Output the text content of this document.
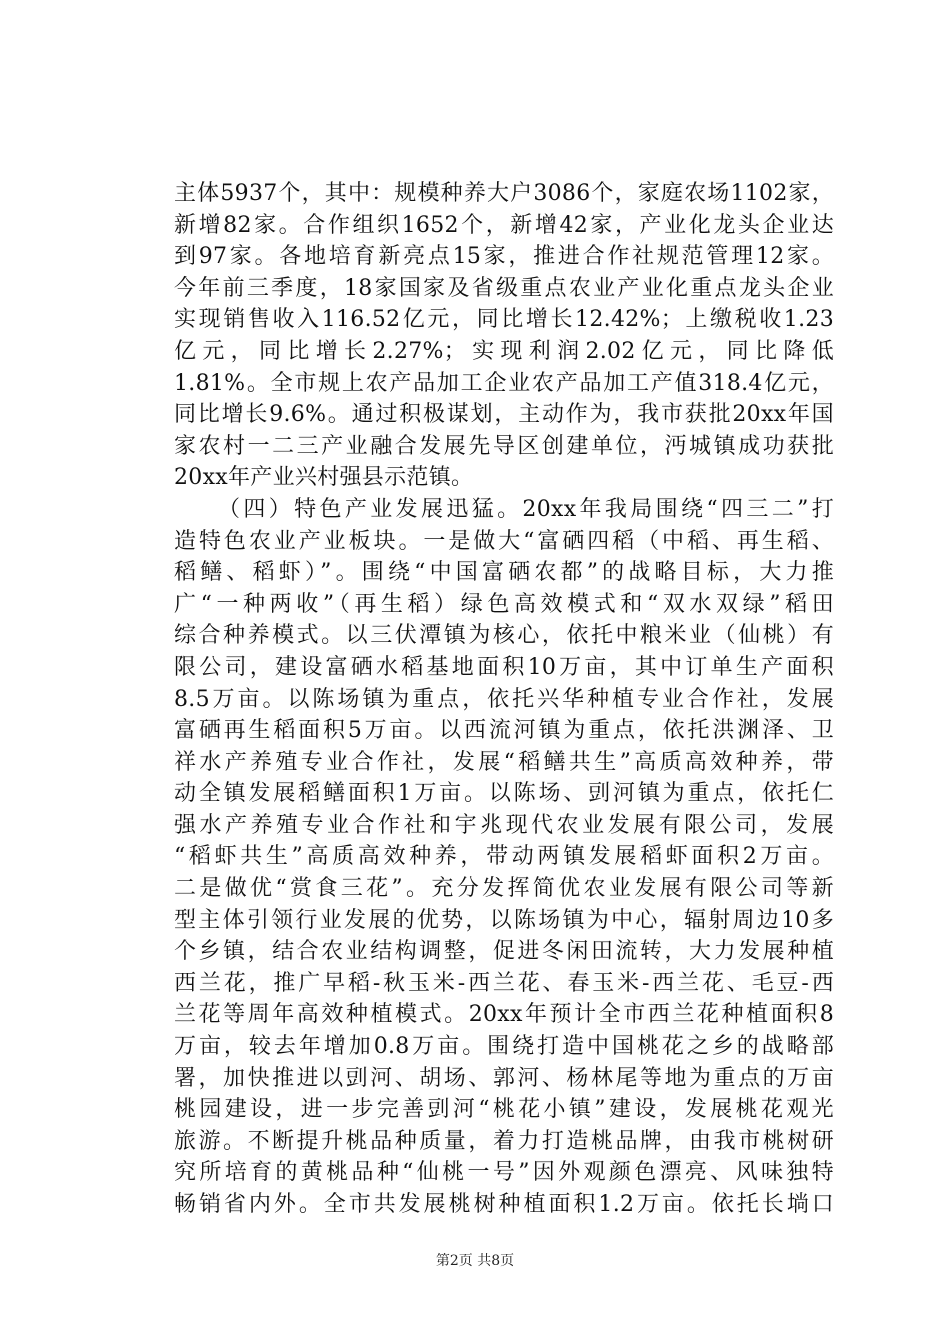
主体5937个，其中：规模种养大户3086个，家庭农场1102家，
新增82家。合作组织1652个，新增42家，产业化龙头企业达
到97家。各地培育新亮点15家，推进合作社规范管理12家。
今年前三季度，18家国家及省级重点农业产业化重点龙头企业
实现销售收入116.52亿元，同比增长12.42%；上缴税收1.23
亿元，同比增长2.27%；实现利润2.02亿元，同比降低
1.81%。全市规上农产品加工企业农产品加工产值318.4亿元，
同比增长9.6%。通过积极谋划，主动作为，我市获批20xx年国
家农村一二三产业融合发展先导区创建单位，沔城镇成功获批
20xx年产业兴村强县示范镇。
（四）特色产业发展迅猛。20xx年我局围绕“四三二”打
造特色农业产业板块。一是做大“富硒四稻（中稻、再生稻、
稻鳝、稻虾）”。围绕“中国富硒农都”的战略目标，大力推
广“一种两收”（再生稻）绿色高效模式和“双水双绿”稻田
综合种养模式。以三伏潭镇为核心，依托中粮米业（仙桃）有
限公司，建设富硒水稻基地面积10万亩，其中订单生产面积
8.5万亩。以陈场镇为重点，依托兴华种植专业合作社，发展
富硒再生稻面积5万亩。以西流河镇为重点，依托洪渊泽、卫
祥水产养殖专业合作社，发展“稻鳝共生”高质高效种养，带
动全镇发展稻鳝面积1万亩。以陈场、剅河镇为重点，依托仁
强水产养殖专业合作社和宇兆现代农业发展有限公司，发展
“稻虾共生”高质高效种养，带动两镇发展稻虾面积2万亩。
二是做优“赏食三花”。充分发挥简优农业发展有限公司等新
型主体引领行业发展的优势，以陈场镇为中心，辐射周边10多
个乡镇，结合农业结构调整，促进冬闲田流转，大力发展种植
西兰花，推广早稻-秋玉米-西兰花、春玉米-西兰花、毛豆-西
兰花等周年高效种植模式。20xx年预计全市西兰花种植面积8
万亩，较去年增加0.8万亩。围绕打造中国桃花之乡的战略部
署，加快推进以剅河、胡场、郭河、杨林尾等地为重点的万亩
桃园建设，进一步完善剅河“桃花小镇”建设，发展桃花观光
旅游。不断提升桃品种质量，着力打造桃品牌，由我市桃树研
究所培育的黄桃品种“仙桃一号”因外观颜色漂亮、风味独特
畅销省内外。全市共发展桃树种植面积1.2万亩。依托长埫口
第2页 共8页
